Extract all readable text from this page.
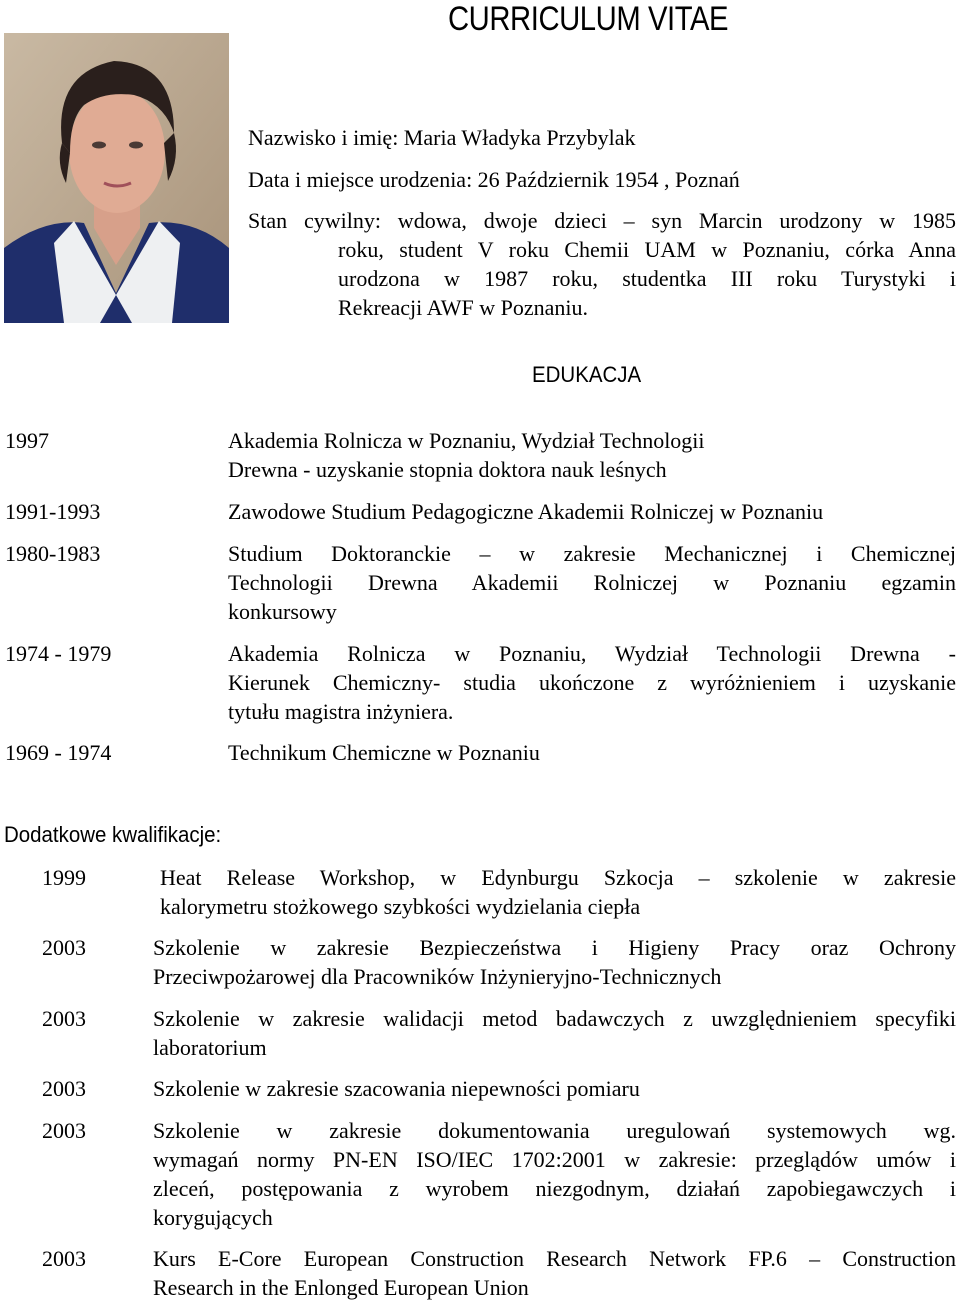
CURRICULUM VITAE

Nazwisko i imię: Maria Władyka Przybylak

Data i miejsce urodzenia: 26 Październik 1954 , Poznań

Stan cywilny: wdowa, dwoje dzieci – syn Marcin urodzony w 1985
roku, student V roku Chemii UAM w Poznaniu, córka Anna
urodzona w 1987 roku, studentka III roku Turystyki i
Rekreacji AWF w Poznaniu.
EDUKACJA
1997	Akademia Rolnicza w Poznaniu, Wydział Technologii
Drewna - uzyskanie stopnia doktora nauk leśnych
1991-1993	Zawodowe Studium Pedagogiczne Akademii Rolniczej w Poznaniu
1980-1983	Studium Doktoranckie – w zakresie Mechanicznej i Chemicznej
Technologii Drewna Akademii Rolniczej w Poznaniu egzamin
konkursowy
1974 - 1979	Akademia Rolnicza w Poznaniu, Wydział Technologii Drewna -
Kierunek Chemiczny- studia ukończone z wyróżnieniem i uzyskanie
tytułu magistra inżyniera.
1969 - 1974	Technikum Chemiczne w Poznaniu
Dodatkowe kwalifikacje:
1999	Heat Release Workshop, w Edynburgu Szkocja – szkolenie w zakresie
kalorymetru stożkowego szybkości wydzielania ciepła
2003	Szkolenie w zakresie Bezpieczeństwa i Higieny Pracy oraz Ochrony
Przeciwpożarowej dla Pracowników Inżynieryjno-Technicznych
2003	Szkolenie w zakresie walidacji metod badawczych z uwzględnieniem specyfiki
laboratorium
2003	Szkolenie w zakresie szacowania niepewności pomiaru
2003	Szkolenie w zakresie dokumentowania uregulowań systemowych wg.
wymagań normy PN-EN ISO/IEC 1702:2001 w zakresie: przeglądów umów i
zleceń, postępowania z wyrobem niezgodnym, działań zapobiegawczych i
korygujących
2003	Kurs E-Core European Construction Research Network FP.6 – Construction
Research in the Enlonged European Union
